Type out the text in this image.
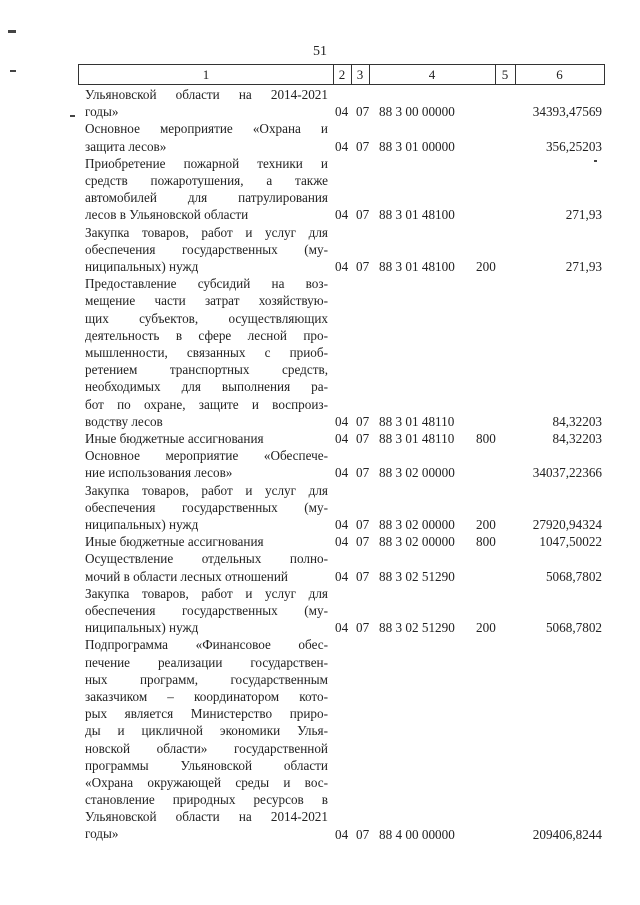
51
1	2 3	4	5	6
Ульяновской области на 2014-2021
годы»	04 07 88 3 00 00000	34393,47569
Основное мероприятие «Охрана и
защита лесов»	04 07 88 3 01 00000	356,25203
Приобретение пожарной техники и
средств пожаротушения, а также
автомобилей для патрулирования
лесов в Ульяновской области	04 07 88 3 01 48100	271,93
Закупка товаров, работ и услуг для
обеспечения государственных (му-
ниципальных) нужд	04 07 88 3 01 48100 200	271,93
Предоставление субсидий на воз-
мещение части затрат хозяйствую-
щих субъектов, осуществляющих
деятельность в сфере лесной про-
мышленности, связанных с приоб-
ретением транспортных средств,
необходимых для выполнения ра-
бот по охране, защите и воспроиз-
водству лесов	04 07 88 3 01 48110	84,32203
Иные бюджетные ассигнования	04 07 88 3 01 48110 800	84,32203
Основное мероприятие «Обеспече-
ние использования лесов»	04 07 88 3 02 00000	34037,22366
Закупка товаров, работ и услуг для
обеспечения государственных (му-
ниципальных) нужд	04 07 88 3 02 00000 200	27920,94324
Иные бюджетные ассигнования	04 07 88 3 02 00000 800	1047,50022
Осуществление отдельных полно-
мочий в области лесных отношений	04 07 88 3 02 51290	5068,7802
Закупка товаров, работ и услуг для
обеспечения государственных (му-
ниципальных) нужд	04 07 88 3 02 51290 200	5068,7802
Подпрограмма «Финансовое обес-
печение реализации государствен-
ных программ, государственным
заказчиком – координатором кото-
рых является Министерство приро-
ды и цикличной экономики Улья-
новской области» государственной
программы Ульяновской области
«Охрана окружающей среды и вос-
становление природных ресурсов в
Ульяновской области на 2014-2021
годы»	04 07 88 4 00 00000	209406,8244
